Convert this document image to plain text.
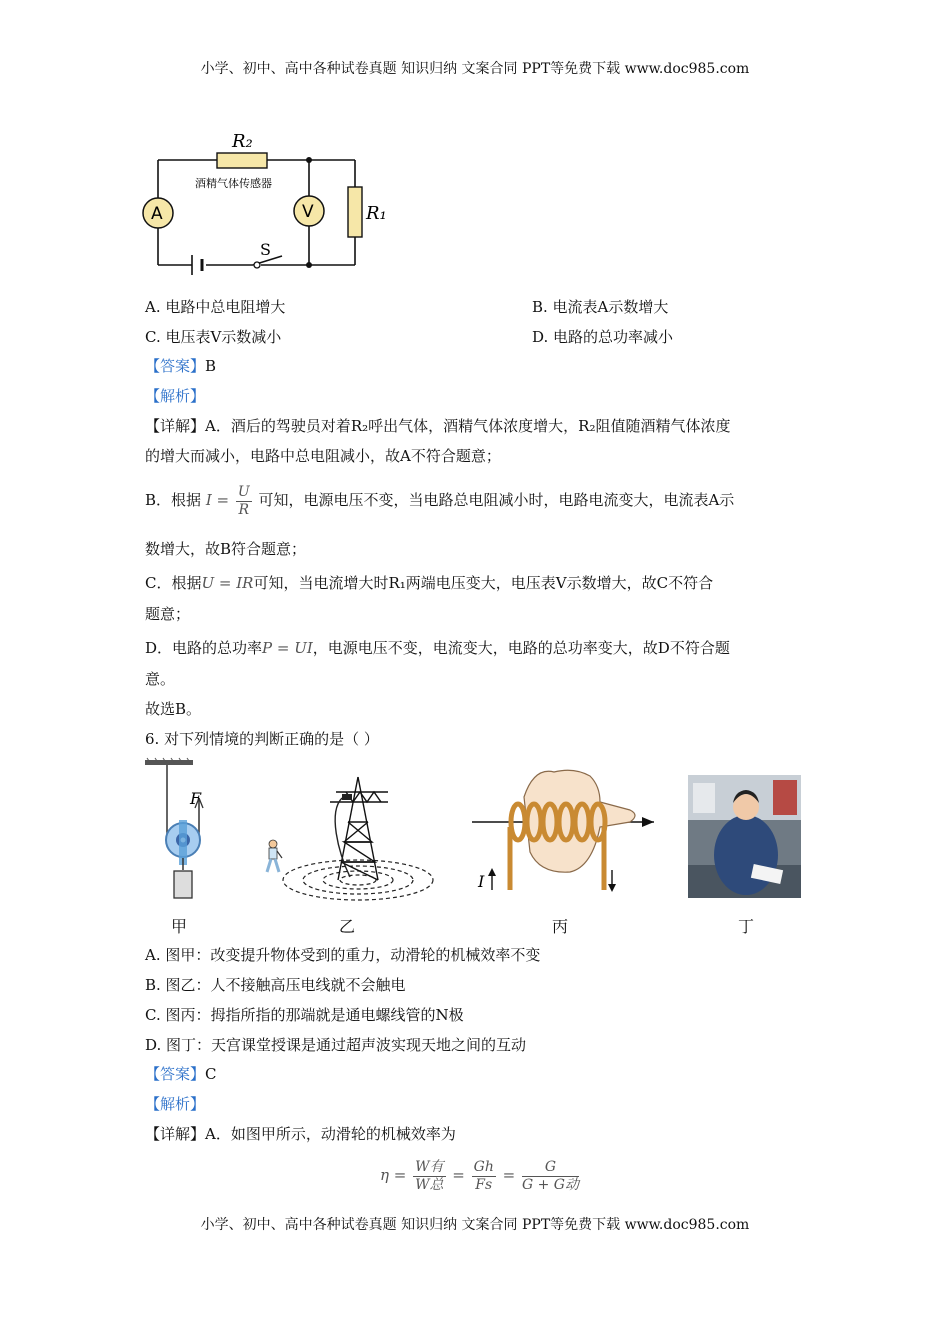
小学、初中、高中各种试卷真题 知识归纳 文案合同 PPT等免费下载 www.doc985.com
R₂
酒精气体传感器
A	V	R₁
S
A. 电路中总电阻增大	B. 电流表A示数增大
C. 电压表V示数减小	D. 电路的总功率减小
【答案】B
【解析】
【详解】A．酒后的驾驶员对着R₂呼出气体，酒精气体浓度增大，R₂阻值随酒精气体浓度
的增大而减小，电路中总电阻减小，故A不符合题意；
B．根据 $I = \frac{U}{R}$ 可知，电源电压不变，当电路总电阻减小时，电路电流变大，电流表A示
数增大，故B符合题意；
C．根据U = IR可知，当电流增大时R₁两端电压变大，电压表V示数增大，故C不符合
题意；
D．电路的总功率P = UI，电源电压不变，电流变大，电路的总功率变大，故D不符合题
意。
故选B。
6. 对下列情境的判断正确的是（ ）
F
I
甲	乙	丙	丁
A. 图甲：改变提升物体受到的重力，动滑轮的机械效率不变
B. 图乙：人不接触高压电线就不会触电
C. 图丙：拇指所指的那端就是通电螺线管的N极
D. 图丁：天宫课堂授课是通过超声波实现天地之间的互动
【答案】C
【解析】
【详解】A．如图甲所示，动滑轮的机械效率为
$\eta = \frac{\text{W有}}{\text{W总}} = \frac{Gh}{Fs} = \frac{G}{\text{G + G动}}$
小学、初中、高中各种试卷真题 知识归纳 文案合同 PPT等免费下载 www.doc985.com
